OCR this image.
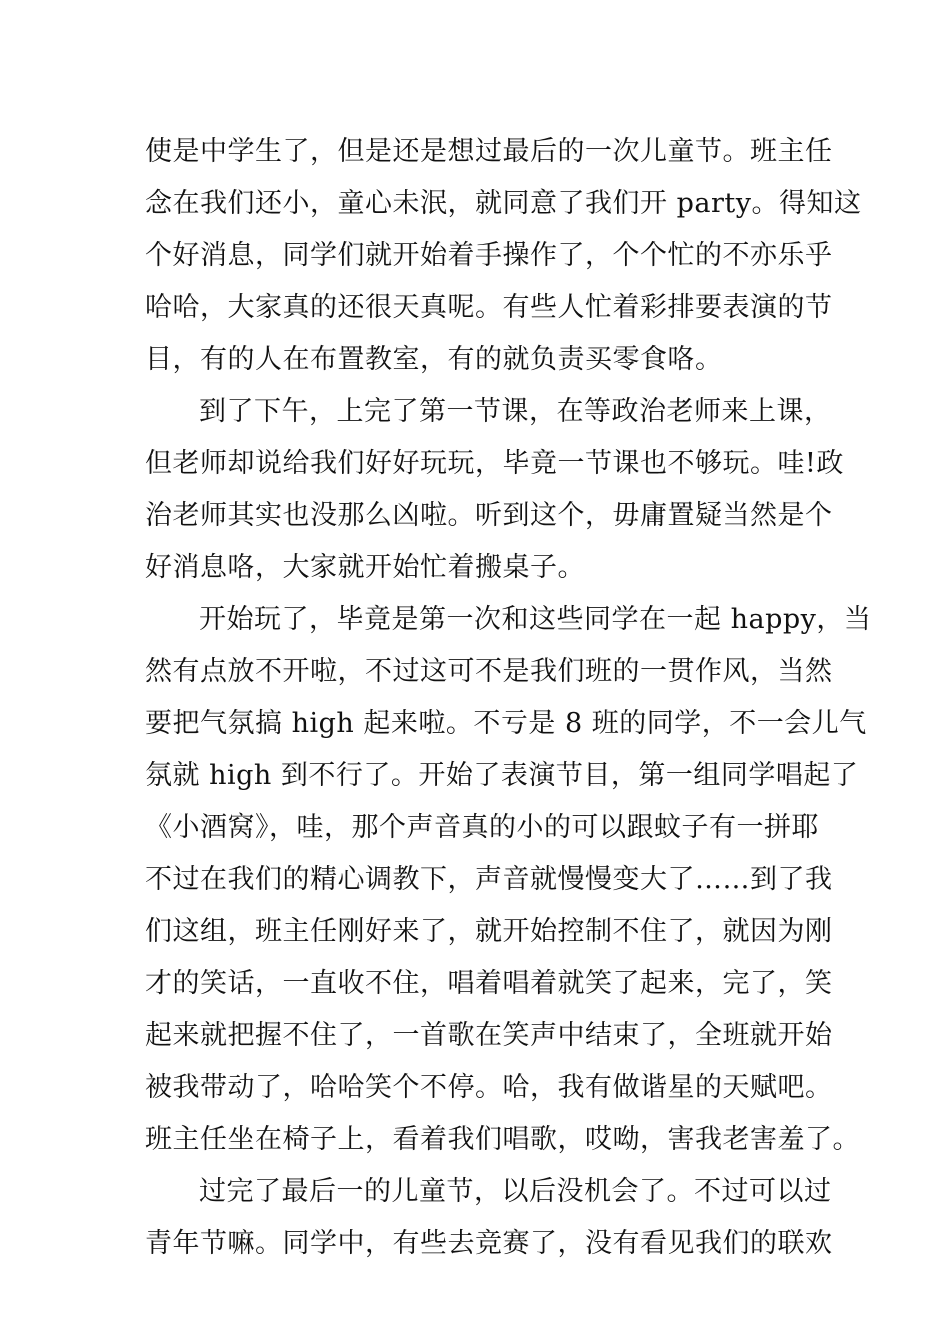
使是中学生了，但是还是想过最后的一次儿童节。班主任
念在我们还小，童心未泯，就同意了我们开 party。得知这
个好消息，同学们就开始着手操作了，个个忙的不亦乐乎
哈哈，大家真的还很天真呢。有些人忙着彩排要表演的节
目，有的人在布置教室，有的就负责买零食咯。
到了下午，上完了第一节课，在等政治老师来上课，
但老师却说给我们好好玩玩，毕竟一节课也不够玩。哇!政
治老师其实也没那么凶啦。听到这个，毋庸置疑当然是个
好消息咯，大家就开始忙着搬桌子。
开始玩了，毕竟是第一次和这些同学在一起 happy，当
然有点放不开啦，不过这可不是我们班的一贯作风，当然
要把气氛搞 high 起来啦。不亏是 8 班的同学，不一会儿气
氛就 high 到不行了。开始了表演节目，第一组同学唱起了
《小酒窝》，哇，那个声音真的小的可以跟蚊子有一拼耶
不过在我们的精心调教下，声音就慢慢变大了……到了我
们这组，班主任刚好来了，就开始控制不住了，就因为刚
才的笑话，一直收不住，唱着唱着就笑了起来，完了，笑
起来就把握不住了，一首歌在笑声中结束了，全班就开始
被我带动了，哈哈笑个不停。哈，我有做谐星的天赋吧。
班主任坐在椅子上，看着我们唱歌，哎呦，害我老害羞了。
过完了最后一的儿童节，以后没机会了。不过可以过
青年节嘛。同学中，有些去竞赛了，没有看见我们的联欢
